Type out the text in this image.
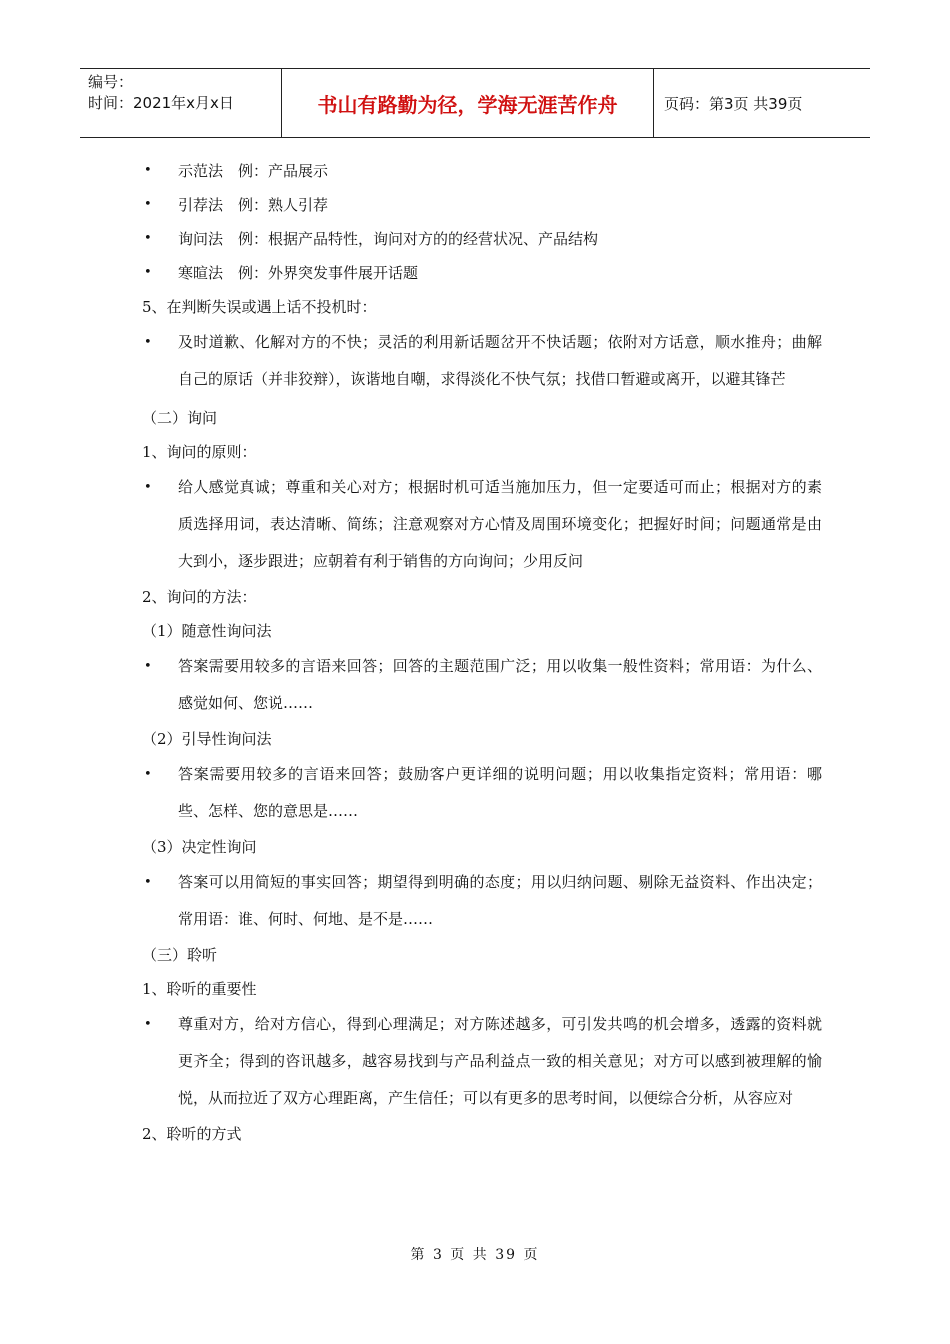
编号：
时间：2021年x月x日	书山有路勤为径，学海无涯苦作舟	页码：第3页 共39页
• 示范法　例：产品展示
• 引荐法　例：熟人引荐
• 询问法　例：根据产品特性，询问对方的的经营状况、产品结构
• 寒暄法　例：外界突发事件展开话题
5、在判断失误或遇上话不投机时：
• 及时道歉、化解对方的不快；灵活的利用新话题岔开不快话题；依附对方话意，顺水推舟；曲解自己的原话（并非狡辩），诙谐地自嘲，求得淡化不快气氛；找借口暂避或离开，以避其锋芒
（二）询问
1、询问的原则：
• 给人感觉真诚；尊重和关心对方；根据时机可适当施加压力，但一定要适可而止；根据对方的素质选择用词，表达清晰、简练；注意观察对方心情及周围环境变化；把握好时间；问题通常是由大到小，逐步跟进；应朝着有利于销售的方向询问；少用反问
2、询问的方法：
（1）随意性询问法
• 答案需要用较多的言语来回答；回答的主题范围广泛；用以收集一般性资料；常用语：为什么、感觉如何、您说……
（2）引导性询问法
• 答案需要用较多的言语来回答；鼓励客户更详细的说明问题；用以收集指定资料；常用语：哪些、怎样、您的意思是……
（3）决定性询问
• 答案可以用简短的事实回答；期望得到明确的态度；用以归纳问题、剔除无益资料、作出决定；常用语：谁、何时、何地、是不是……
（三）聆听
1、聆听的重要性
• 尊重对方，给对方信心，得到心理满足；对方陈述越多，可引发共鸣的机会增多，透露的资料就更齐全；得到的咨讯越多，越容易找到与产品利益点一致的相关意见；对方可以感到被理解的愉悦，从而拉近了双方心理距离，产生信任；可以有更多的思考时间，以便综合分析，从容应对
2、聆听的方式
第 3 页 共 39 页
